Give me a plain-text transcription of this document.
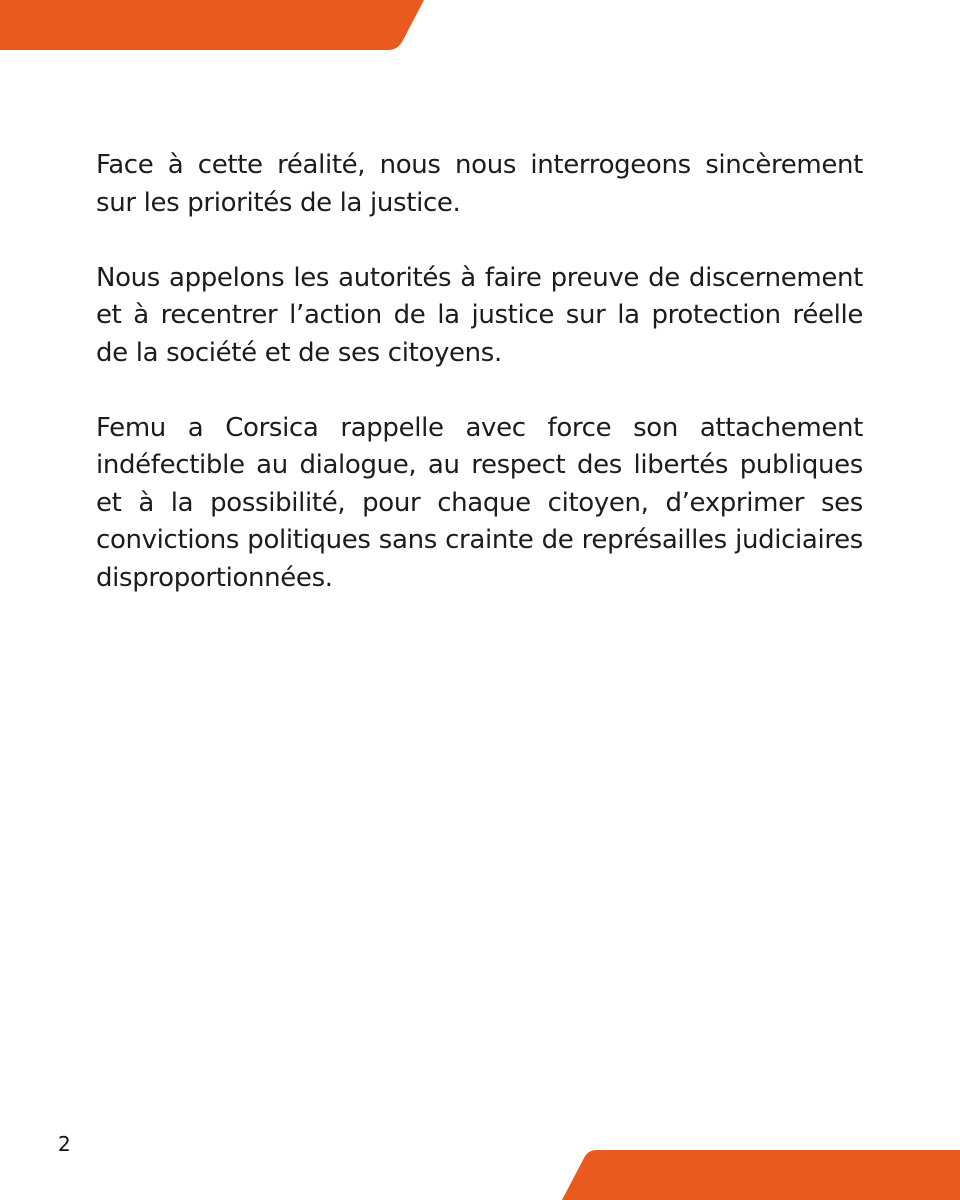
Face à cette réalité, nous nous interrogeons sincèrement sur les priorités de la justice.

Nous appelons les autorités à faire preuve de discernement et à recentrer l’action de la justice sur la protection réelle de la société et de ses citoyens.

Femu a Corsica rappelle avec force son attachement indéfectible au dialogue, au respect des libertés publiques et à la possibilité, pour chaque citoyen, d’exprimer ses convictions politiques sans crainte de représailles judiciaires disproportionnées.

2
